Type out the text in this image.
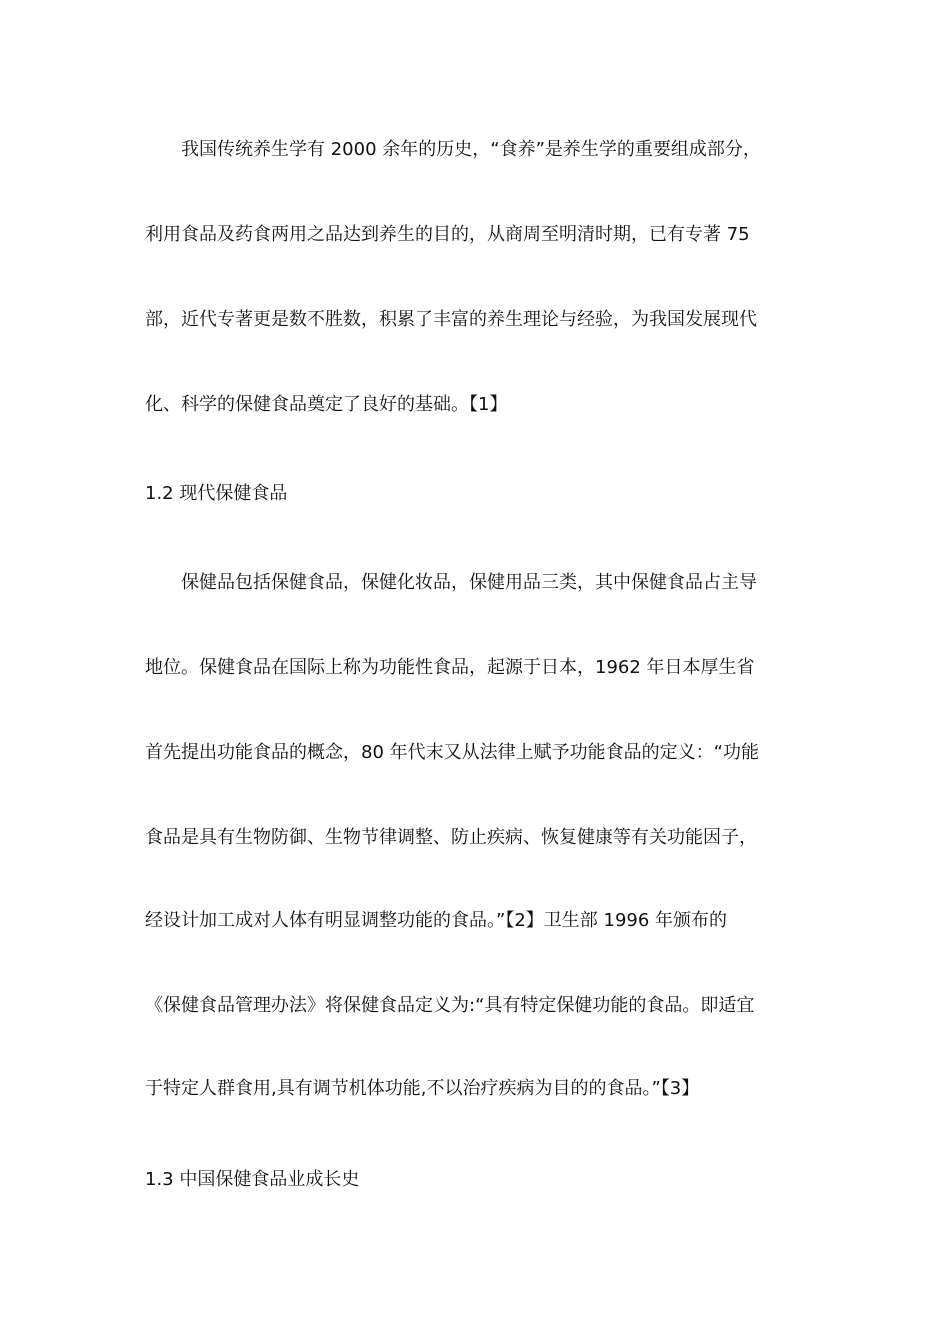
我国传统养生学有 2000 余年的历史，“食养”是养生学的重要组成部分，
利用食品及药食两用之品达到养生的目的，从商周至明清时期，已有专著 75
部，近代专著更是数不胜数，积累了丰富的养生理论与经验，为我国发展现代
化、科学的保健食品奠定了良好的基础。【1】
1.2 现代保健食品
保健品包括保健食品，保健化妆品，保健用品三类，其中保健食品占主导
地位。保健食品在国际上称为功能性食品，起源于日本，1962 年日本厚生省
首先提出功能食品的概念，80 年代末又从法律上赋予功能食品的定义：“功能
食品是具有生物防御、生物节律调整、防止疾病、恢复健康等有关功能因子，
经设计加工成对人体有明显调整功能的食品。”【2】卫生部 1996 年颁布的
《保健食品管理办法》将保健食品定义为:“具有特定保健功能的食品。即适宜
于特定人群食用,具有调节机体功能,不以治疗疾病为目的的食品。”【3】
1.3 中国保健食品业成长史
